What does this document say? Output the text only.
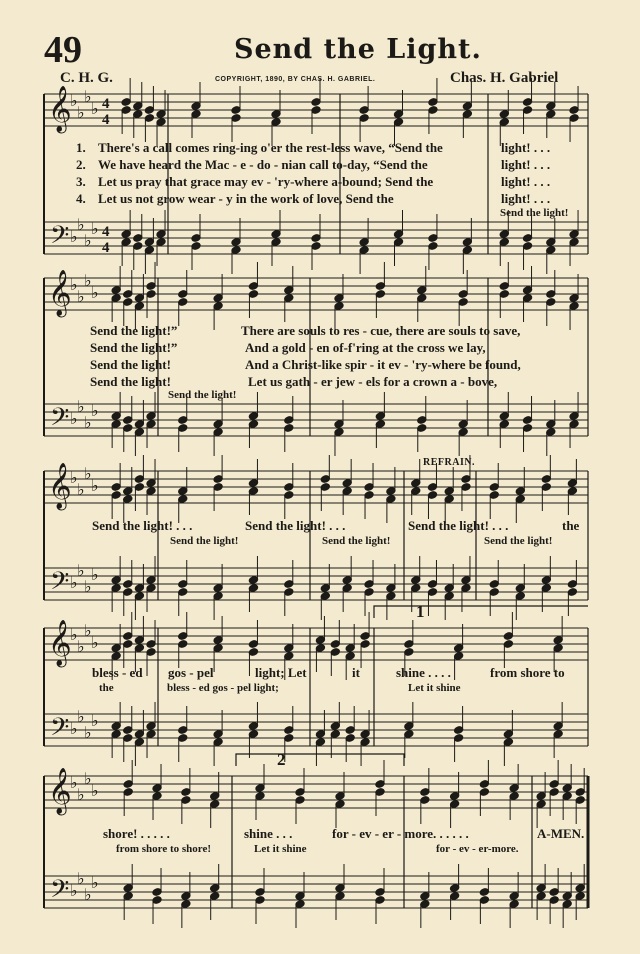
49	Send the Light.
C. H. G.	COPYRIGHT, 1890, BY CHAS. H. GABRIEL.	Chas. H. Gabriel
𝄞
𝄢
♭
♭
♭
♭
♭
♭
♭
♭
4
4
4
4
𝄞
𝄢
♭
♭
♭
♭
♭
♭
♭
♭
𝄞
𝄢
♭
♭
♭
♭
♭
♭
♭
♭
𝄞
𝄢
♭
♭
♭
♭
♭
♭
♭
♭
𝄞
𝄢
♭
♭
♭
♭
♭
♭
♭
♭
1. There's a call comes ring-ing o'er the rest-less wave, “Send the	light! . . .
2. We have heard the Mac - e - do - nian call to-day, “Send the	light! . . .
3. Let us pray that grace may ev - 'ry-where a-bound; Send the	light! . . .
4. Let us not grow wear - y in the work of love, Send the	light! . . .
Send the light!
Send the light!”	There are souls to res - cue, there are souls to save,
Send the light!”	And a gold - en of-f'ring at the cross we lay,
Send the light!	And a Christ-like spir - it ev - 'ry-where be found,
Send the light!	Let us gath - er jew - els for a crown a - bove,
Send the light!
REFRAIN.
Send the light! . . .	Send the light! . . .	Send the light! . . .	the
Send the light!	Send the light!	Send the light!
1
bless - ed gos - pel	light; Let	it	shine . . . .	from shore to
the	bless - ed gos - pel light;	Let it shine
2
shore! . . . . .	shine . . .	for - ev - er - more. . . . . .	A-MEN.
from shore to shore!	Let it shine	for - ev - er-more.
